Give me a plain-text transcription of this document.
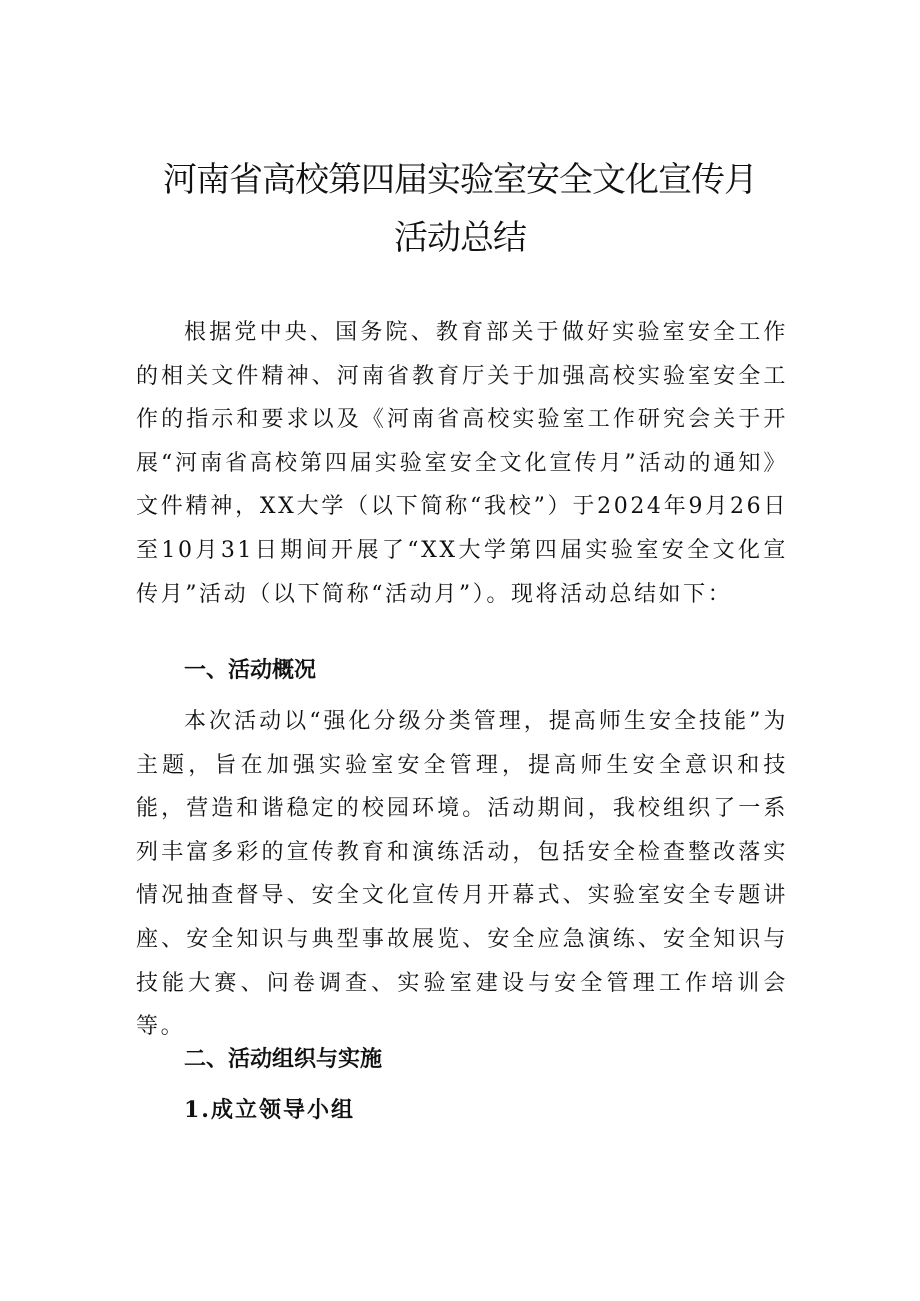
河南省高校第四届实验室安全文化宣传月
活动总结

根据党中央、国务院、教育部关于做好实验室安全工作的相关文件精神、河南省教育厅关于加强高校实验室安全工作的指示和要求以及《河南省高校实验室工作研究会关于开展“河南省高校第四届实验室安全文化宣传月”活动的通知》文件精神，XX大学（以下简称“我校”）于2024年9月26日至10月31日期间开展了“XX大学第四届实验室安全文化宣传月”活动（以下简称“活动月”）。现将活动总结如下：

一、活动概况

本次活动以“强化分级分类管理，提高师生安全技能”为主题，旨在加强实验室安全管理，提高师生安全意识和技能，营造和谐稳定的校园环境。活动期间，我校组织了一系列丰富多彩的宣传教育和演练活动，包括安全检查整改落实情况抽查督导、安全文化宣传月开幕式、实验室安全专题讲座、安全知识与典型事故展览、安全应急演练、安全知识与技能大赛、问卷调查、实验室建设与安全管理工作培训会等。

二、活动组织与实施
1.成立领导小组
